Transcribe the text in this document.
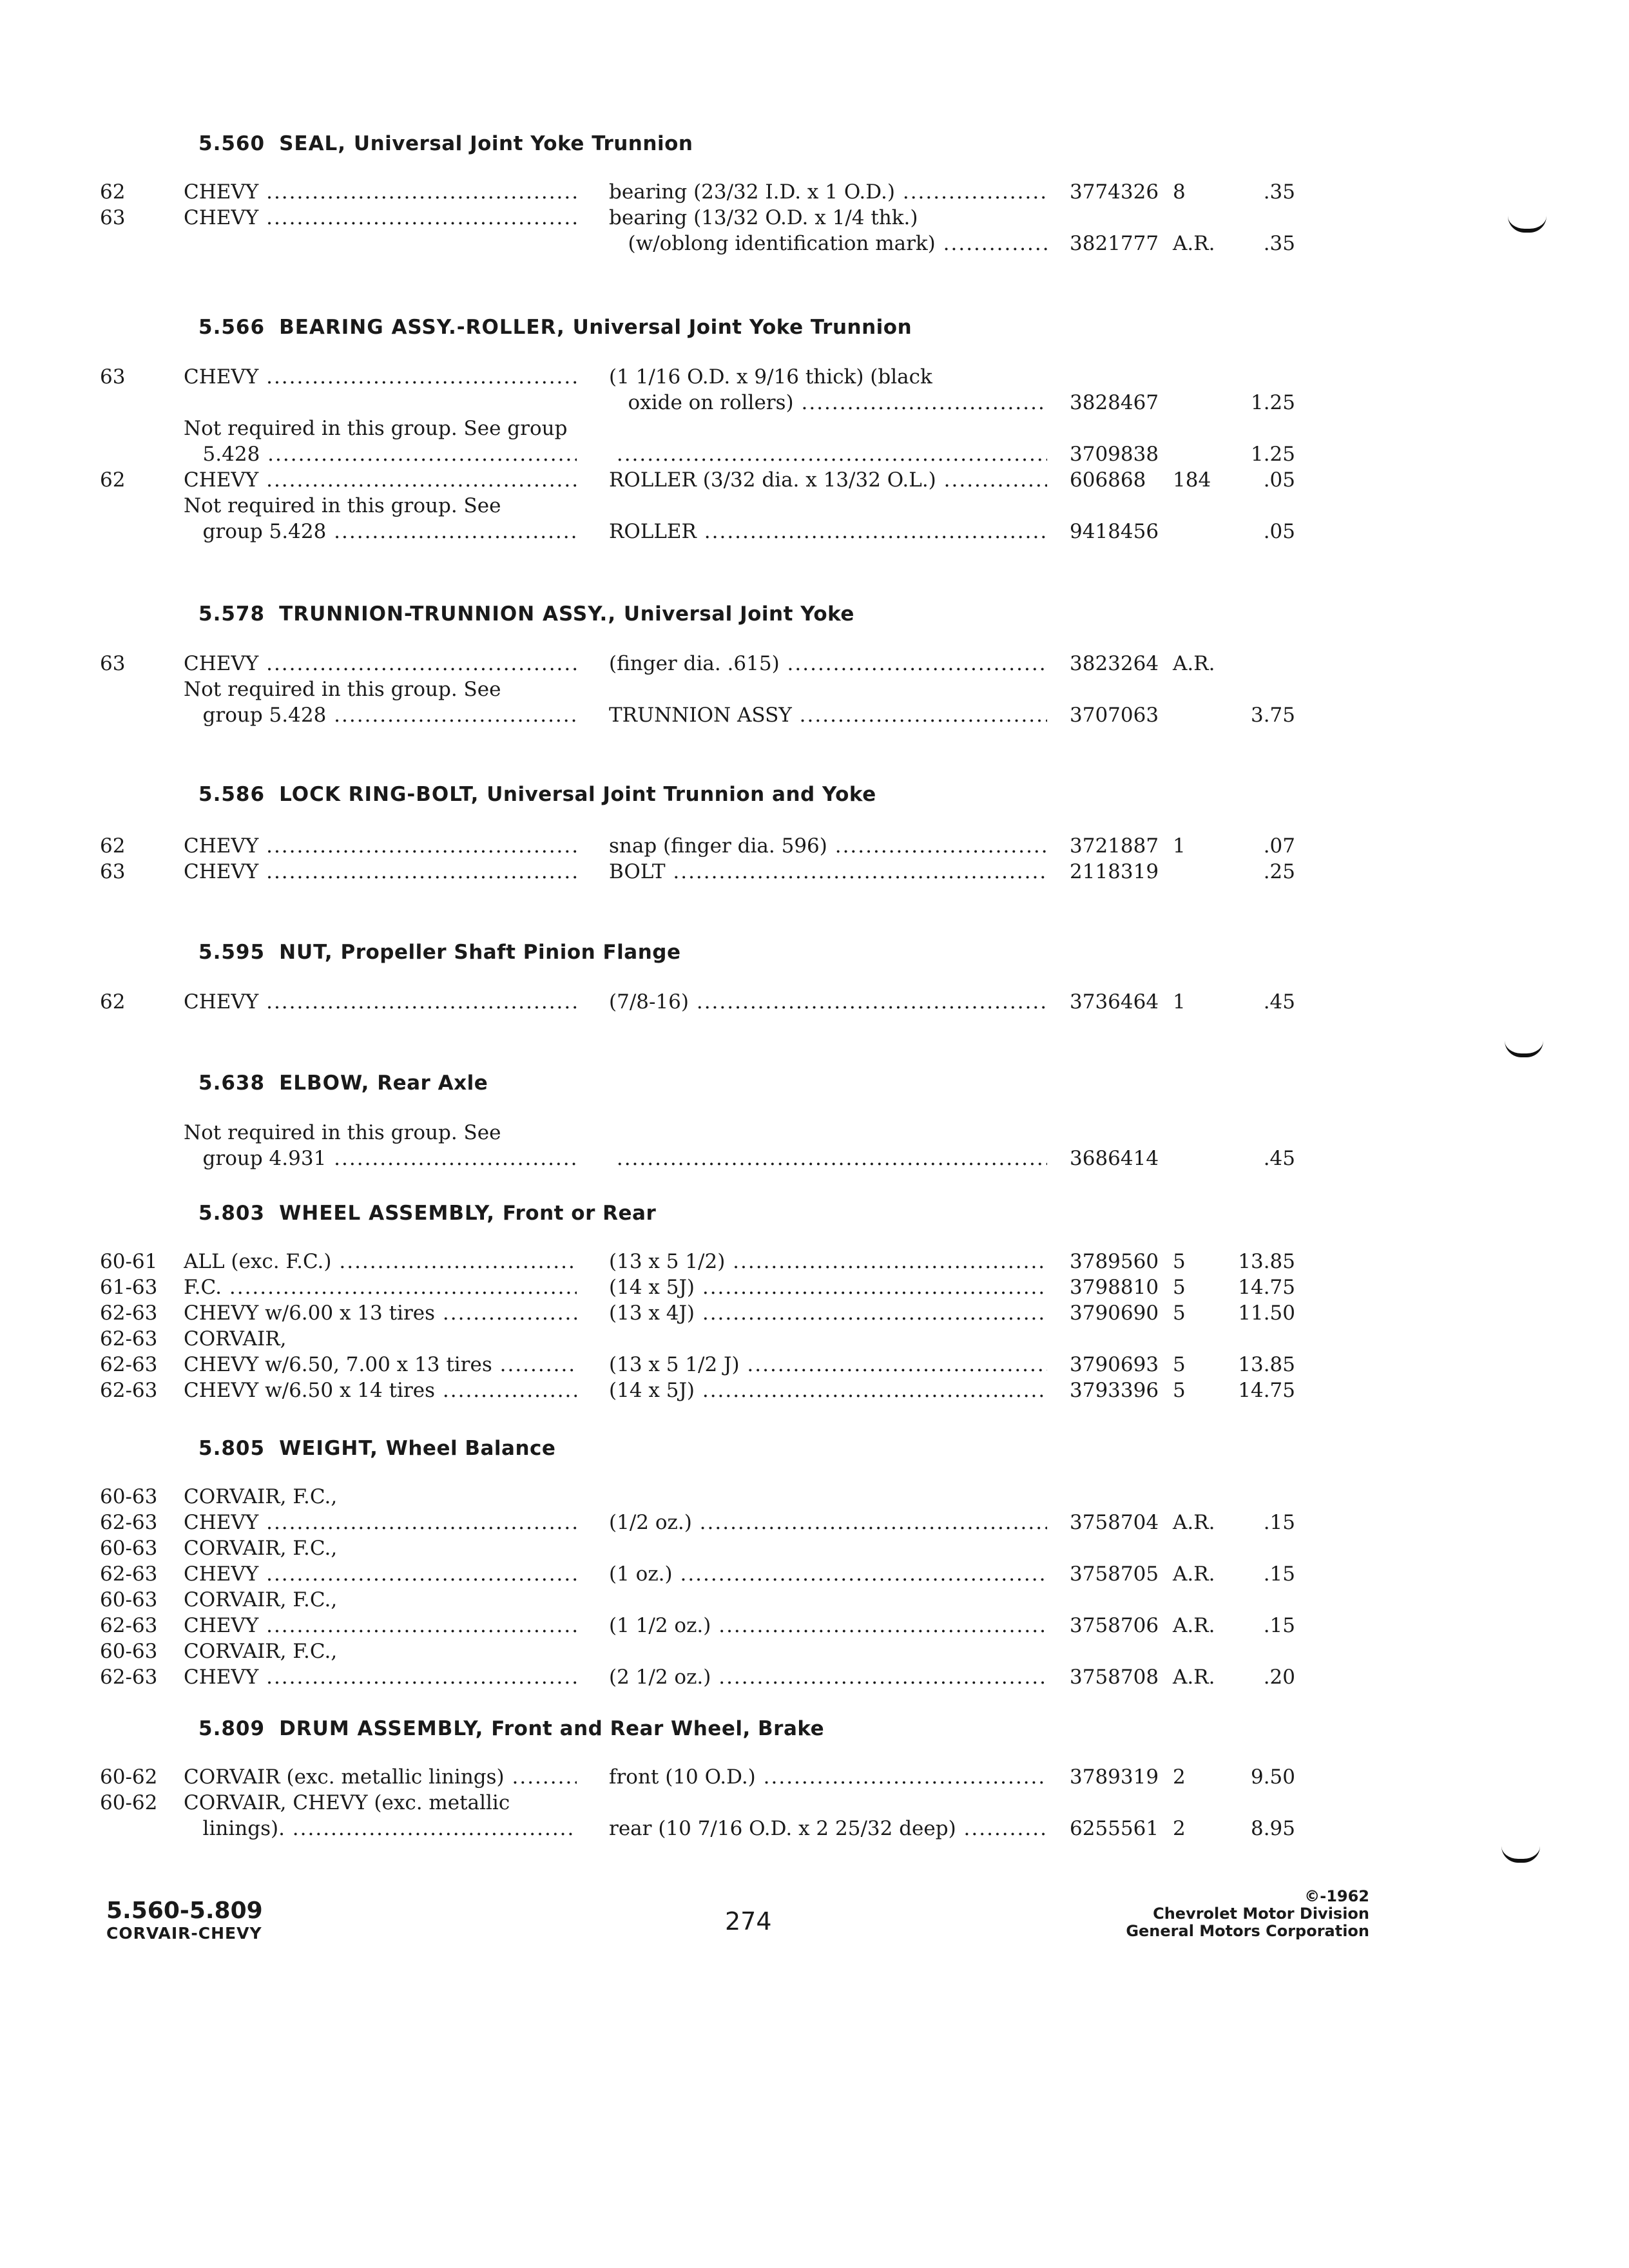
5.560 SEAL, Universal Joint Yoke Trunnion
62	CHEVY .....	bearing (23/32 I.D. x 1 O.D.) .....	3774326 8	.35
63	CHEVY .....	bearing (13/32 O.D. x 1/4 thk.)
(w/oblong identification mark) .....	3821777 A.R.	.35
5.566 BEARING ASSY.-ROLLER, Universal Joint Yoke Trunnion
63	CHEVY .....	(1 1/16 O.D. x 9/16 thick) (black
oxide on rollers) .....	3828467	1.25
Not required in this group. See group
5.428 ..... .....	3709838	1.25
62	CHEVY .....	ROLLER (3/32 dia. x 13/32 O.L.) .....	606868	184	.05
Not required in this group. See
group 5.428 .....	ROLLER .....	9418456	.05
5.578 TRUNNION-TRUNNION ASSY., Universal Joint Yoke
63	CHEVY .....	(finger dia. .615) .....	3823264 A.R.
Not required in this group. See
group 5.428 .....	TRUNNION ASSY .....	3707063	3.75
5.586 LOCK RING-BOLT, Universal Joint Trunnion and Yoke
62	CHEVY .....	snap (finger dia. 596) .....	3721887 1	.07
63	CHEVY .....	BOLT .....	2118319	.25
5.595 NUT, Propeller Shaft Pinion Flange
62	CHEVY .....	(7/8-16) .....	3736464 1	.45
5.638 ELBOW, Rear Axle
Not required in this group. See
group 4.931 ..... .....	3686414	.45
5.803 WHEEL ASSEMBLY, Front or Rear
60-61	ALL (exc. F.C.) .....	(13 x 5 1/2) .....	3789560 5	13.85
61-63	F.C. .....	(14 x 5J) .....	3798810 5	14.75
62-63	CHEVY w/6.00 x 13 tires .....	(13 x 4J) .....	3790690 5	11.50
62-63	CORVAIR,
62-63	CHEVY w/6.50, 7.00 x 13 tires .....	(13 x 5 1/2 J) .....	3790693 5	13.85
62-63	CHEVY w/6.50 x 14 tires .....	(14 x 5J) .....	3793396 5	14.75
5.805 WEIGHT, Wheel Balance
60-63	CORVAIR, F.C.,
62-63	CHEVY .....	(1/2 oz.) .....	3758704 A.R.	.15
60-63	CORVAIR, F.C.,
62-63	CHEVY .....	(1 oz.) .....	3758705 A.R.	.15
60-63	CORVAIR, F.C.,
62-63	CHEVY .....	(1 1/2 oz.) .....	3758706 A.R.	.15
60-63	CORVAIR, F.C.,
62-63	CHEVY .....	(2 1/2 oz.) .....	3758708 A.R.	.20
5.809 DRUM ASSEMBLY, Front and Rear Wheel, Brake
60-62	CORVAIR (exc. metallic linings) .....	front (10 O.D.) .....	3789319 2	9.50
60-62	CORVAIR, CHEVY (exc. metallic
linings). .....	rear (10 7/16 O.D. x 2 25/32 deep) .....	6255561 2	8.95
5.560-5.809
CORVAIR-CHEVY	274
©-1962
Chevrolet Motor Division
General Motors Corporation
